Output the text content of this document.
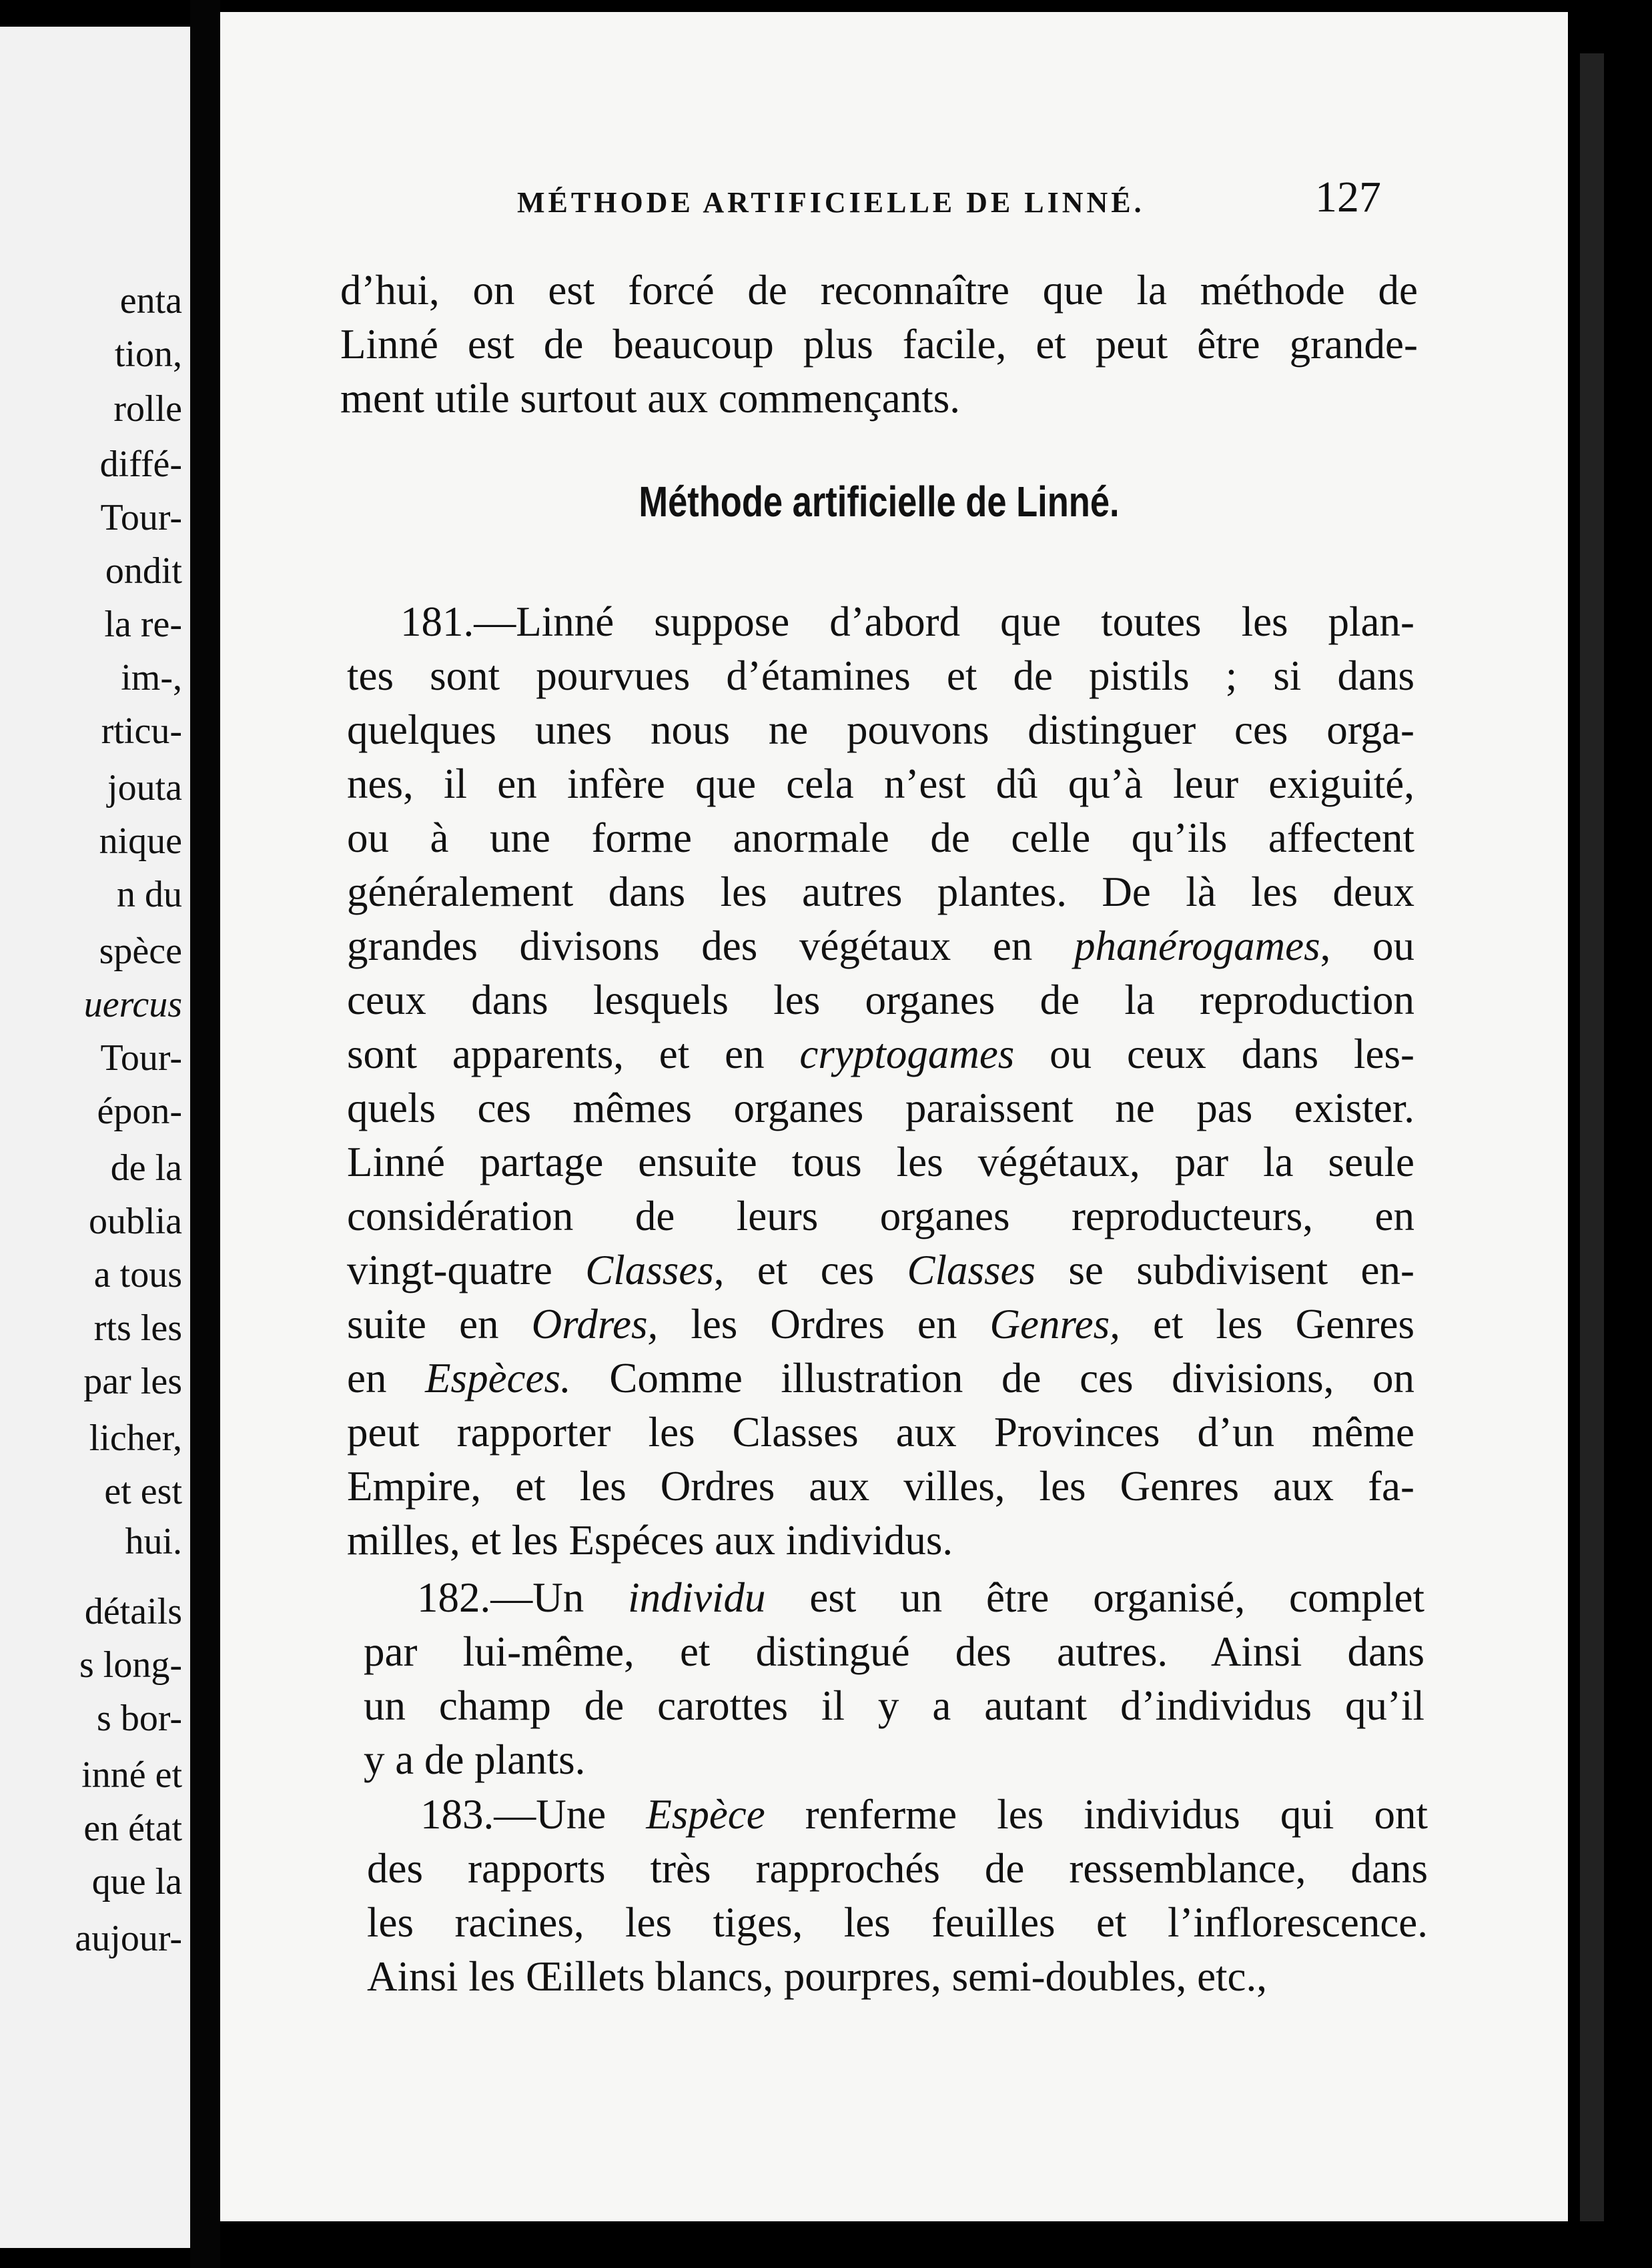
enta
tion,
rolle
diffé-
Tour-
ondit
la re-
im-,
rticu-
jouta
nique
n du
spèce
uercus
Tour-
épon-
de la
oublia
a tous
rts les
par les
licher,
et est
hui.
détails
s long-
s bor-
inné et
en état
que la
aujour-
MÉTHODE ARTIFICIELLE DE LINNÉ.	127
d’hui, on est forcé de reconnaître que la méthode de
Linné est de beaucoup plus facile, et peut être grande-
ment utile surtout aux commençants.
Méthode artificielle de Linné.
181.—Linné suppose d’abord que toutes les plan-
tes sont pourvues d’étamines et de pistils ; si dans
quelques unes nous ne pouvons distinguer ces orga-
nes, il en infère que cela n’est dû qu’à leur exiguité,
ou à une forme anormale de celle qu’ils affectent
généralement dans les autres plantes. De là les deux
grandes divisons des végétaux en phanérogames, ou
ceux dans lesquels les organes de la reproduction
sont apparents, et en cryptogames ou ceux dans les-
quels ces mêmes organes paraissent ne pas exister.
Linné partage ensuite tous les végétaux, par la seule
considération de leurs organes reproducteurs, en
vingt-quatre Classes, et ces Classes se subdivisent en-
suite en Ordres, les Ordres en Genres, et les Genres
en Espèces. Comme illustration de ces divisions, on
peut rapporter les Classes aux Provinces d’un même
Empire, et les Ordres aux villes, les Genres aux fa-
milles, et les Espéces aux individus.
182.—Un individu est un être organisé, complet
par lui-même, et distingué des autres. Ainsi dans
un champ de carottes il y a autant d’individus qu’il
y a de plants.
183.—Une Espèce renferme les individus qui ont
des rapports très rapprochés de ressemblance, dans
les racines, les tiges, les feuilles et l’inflorescence.
Ainsi les Œillets blancs, pourpres, semi-doubles, etc.,
